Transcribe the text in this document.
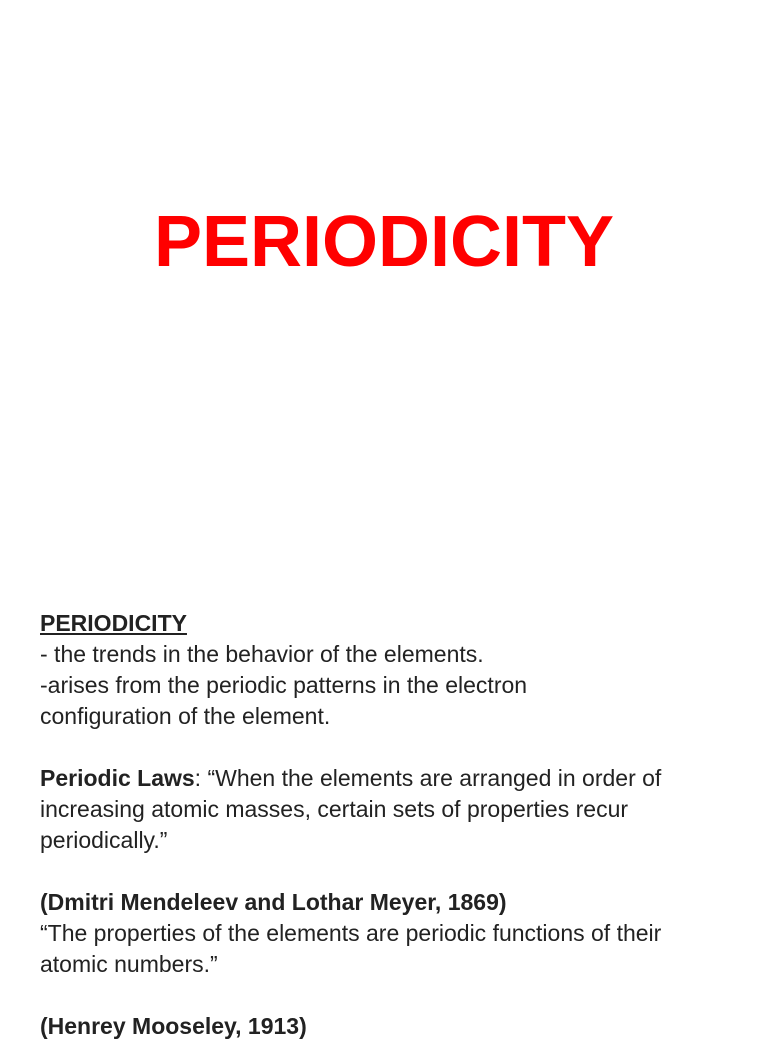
PERIODICITY
PERIODICITY
- the trends in the behavior of the elements.
-arises from the periodic patterns in the electron
configuration of the element.
Periodic Laws: “When the elements are arranged in order of
increasing atomic masses, certain sets of properties recur
periodically.”
(Dmitri Mendeleev and Lothar Meyer, 1869)
“The properties of the elements are periodic functions of their
atomic numbers.”
(Henrey Mooseley, 1913)
